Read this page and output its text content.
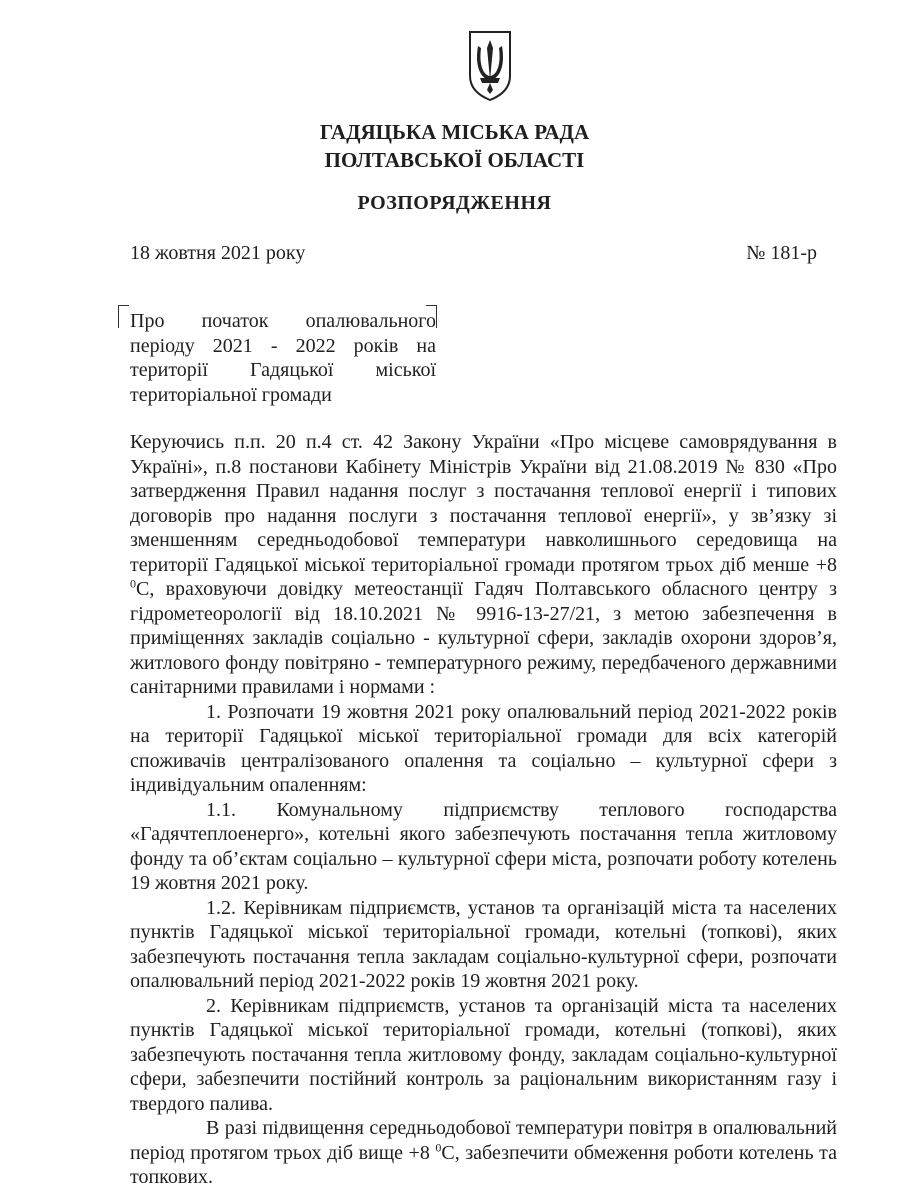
ГАДЯЦЬКА МІСЬКА РАДА
ПОЛТАВСЬКОЇ ОБЛАСТІ
РОЗПОРЯДЖЕННЯ
18 жовтня 2021 року	№ 181-р
Про початок опалювального періоду 2021 - 2022 років на території Гадяцької міської територіальної громади

Керуючись п.п. 20 п.4 ст. 42 Закону України «Про місцеве самоврядування в Україні», п.8 постанови Кабінету Міністрів України від 21.08.2019 № 830 «Про затвердження Правил надання послуг з постачання теплової енергії і типових договорів про надання послуги з постачання теплової енергії», у зв’язку зі зменшенням середньодобової температури навколишнього середовища на території Гадяцької міської територіальної громади протягом трьох діб менше +8 $^0$С, враховуючи довідку метеостанції Гадяч Полтавського обласного центру з гідрометеорології від 18.10.2021 № 9916-13-27/21, з метою забезпечення в приміщеннях закладів соціально - культурної сфери, закладів охорони здоров’я, житлового фонду повітряно - температурного режиму, передбаченого державними санітарними правилами і нормами :

1. Розпочати 19 жовтня 2021 року опалювальний період 2021-2022 років на території Гадяцької міської територіальної громади для всіх категорій споживачів централізованого опалення та соціально – культурної сфери з індивідуальним опаленням:

1.1. Комунальному підприємству теплового господарства «Гадячтеплоенерго», котельні якого забезпечують постачання тепла житловому фонду та об’єктам соціально – культурної сфери міста, розпочати роботу котелень 19 жовтня 2021 року.

1.2. Керівникам підприємств, установ та організацій міста та населених пунктів Гадяцької міської територіальної громади, котельні (топкові), яких забезпечують постачання тепла закладам соціально-культурної сфери, розпочати опалювальний період 2021-2022 років 19 жовтня 2021 року.

2. Керівникам підприємств, установ та організацій міста та населених пунктів Гадяцької міської територіальної громади, котельні (топкові), яких забезпечують постачання тепла житловому фонду, закладам соціально-культурної сфери, забезпечити постійний контроль за раціональним використанням газу і твердого палива.

В разі підвищення середньодобової температури повітря в опалювальний період протягом трьох діб вище +8 $^0$С, забезпечити обмеження роботи котелень та топкових.
